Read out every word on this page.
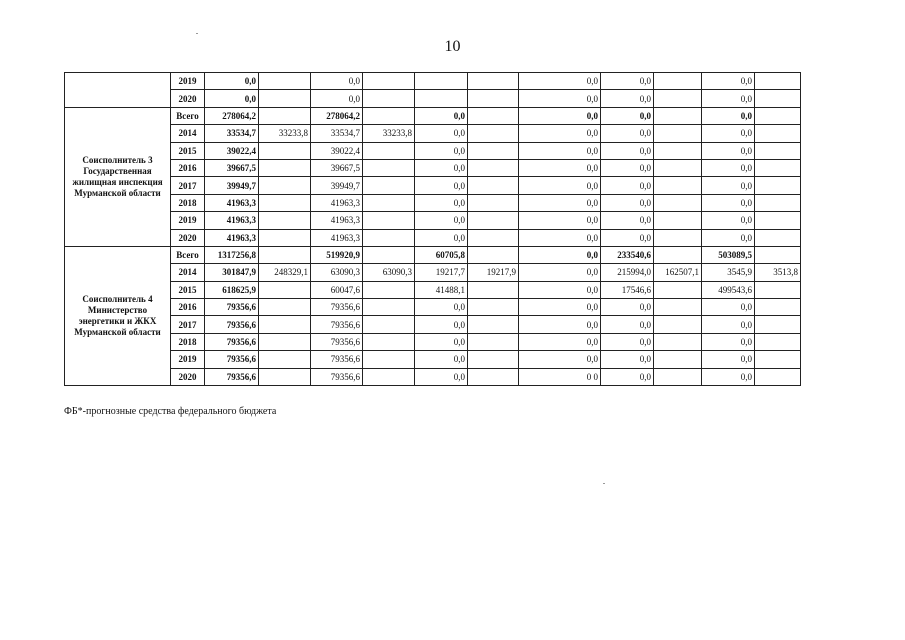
10
	2019	0,0		0,0				0,0	0,0		0,0	
	2020	0,0		0,0				0,0	0,0		0,0	
Соисполнитель 3 Государственная жилищная инспекция Мурманской области	Всего	278064,2		278064,2		0,0		0,0	0,0		0,0	
	2014	33534,7	33233,8	33534,7	33233,8	0,0		0,0	0,0		0,0	
	2015	39022,4		39022,4		0,0		0,0	0,0		0,0	
	2016	39667,5		39667,5		0,0		0,0	0,0		0,0	
	2017	39949,7		39949,7		0,0		0,0	0,0		0,0	
	2018	41963,3		41963,3		0,0		0,0	0,0		0,0	
	2019	41963,3		41963,3		0,0		0,0	0,0		0,0	
	2020	41963,3		41963,3		0,0		0,0	0,0		0,0	
Соисполнитель 4 Министерство энергетики и ЖКХ Мурманской области	Всего	1317256,8		519920,9		60705,8		0,0	233540,6		503089,5	
	2014	301847,9	248329,1	63090,3	63090,3	19217,7	19217,9	0,0	215994,0	162507,1	3545,9	3513,8
	2015	618625,9		60047,6		41488,1		0,0	17546,6		499543,6	
	2016	79356,6		79356,6		0,0		0,0	0,0		0,0	
	2017	79356,6		79356,6		0,0		0,0	0,0		0,0	
	2018	79356,6		79356,6		0,0		0,0	0,0		0,0	
	2019	79356,6		79356,6		0,0		0,0	0,0		0,0	
	2020	79356,6		79356,6		0,0		0 0	0,0		0,0	
ФБ*-прогнозные средства федерального бюджета
